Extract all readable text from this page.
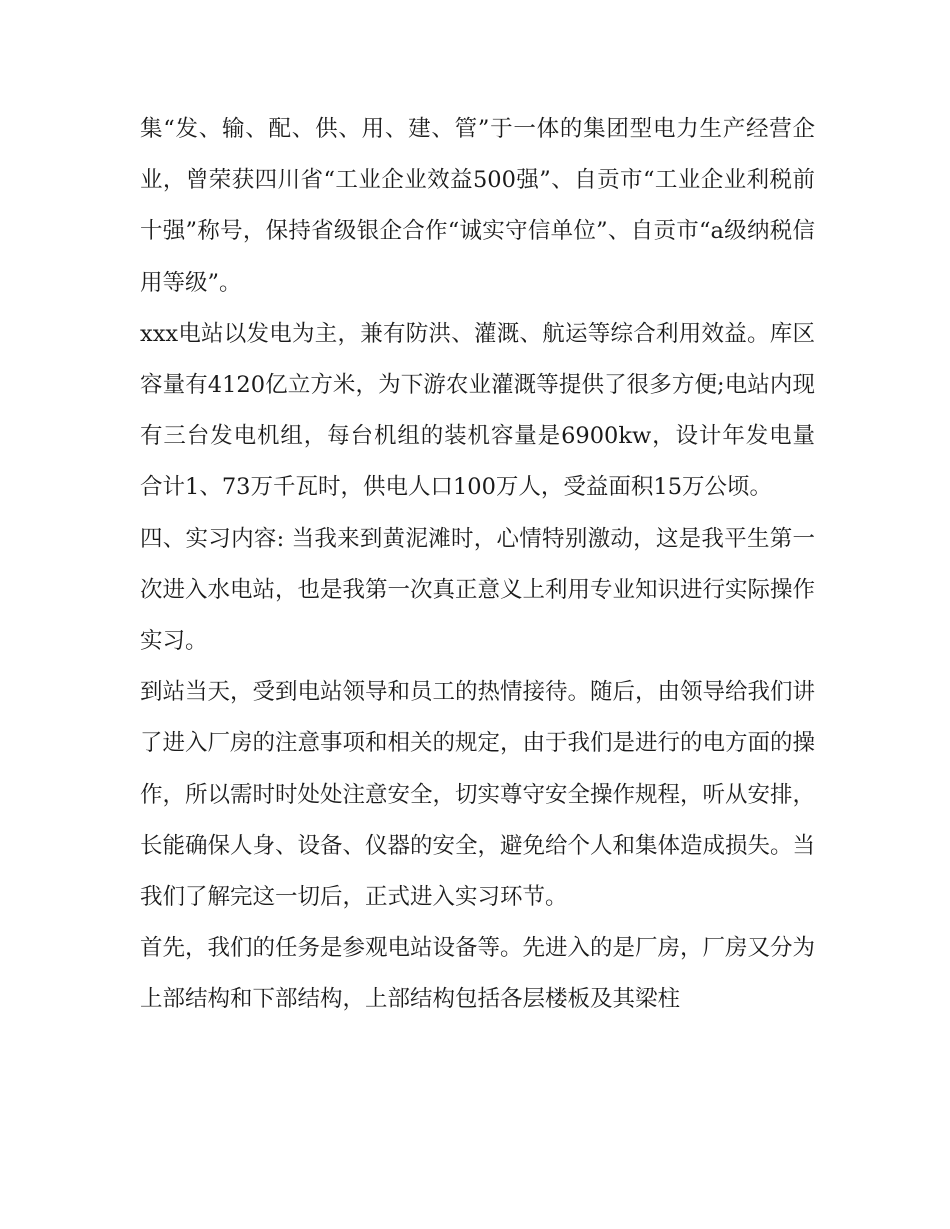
集“发、输、配、供、用、建、管”于一体的集团型电力生产经营企业，曾荣获四川省“工业企业效益500强”、自贡市“工业企业利税前十强”称号，保持省级银企合作“诚实守信单位”、自贡市“a级纳税信用等级”。

xxx电站以发电为主，兼有防洪、灌溉、航运等综合利用效益。库区容量有4120亿立方米，为下游农业灌溉等提供了很多方便;电站内现有三台发电机组，每台机组的装机容量是6900kw，设计年发电量合计1、73万千瓦时，供电人口100万人，受益面积15万公顷。

四、实习内容: 当我来到黄泥滩时，心情特别激动，这是我平生第一次进入水电站，也是我第一次真正意义上利用专业知识进行实际操作实习。

到站当天，受到电站领导和员工的热情接待。随后，由领导给我们讲了进入厂房的注意事项和相关的规定，由于我们是进行的电方面的操作，所以需时时处处注意安全，切实尊守安全操作规程，听从安排，长能确保人身、设备、仪器的安全，避免给个人和集体造成损失。当我们了解完这一切后，正式进入实习环节。

首先，我们的任务是参观电站设备等。先进入的是厂房，厂房又分为上部结构和下部结构，上部结构包括各层楼板及其梁柱
